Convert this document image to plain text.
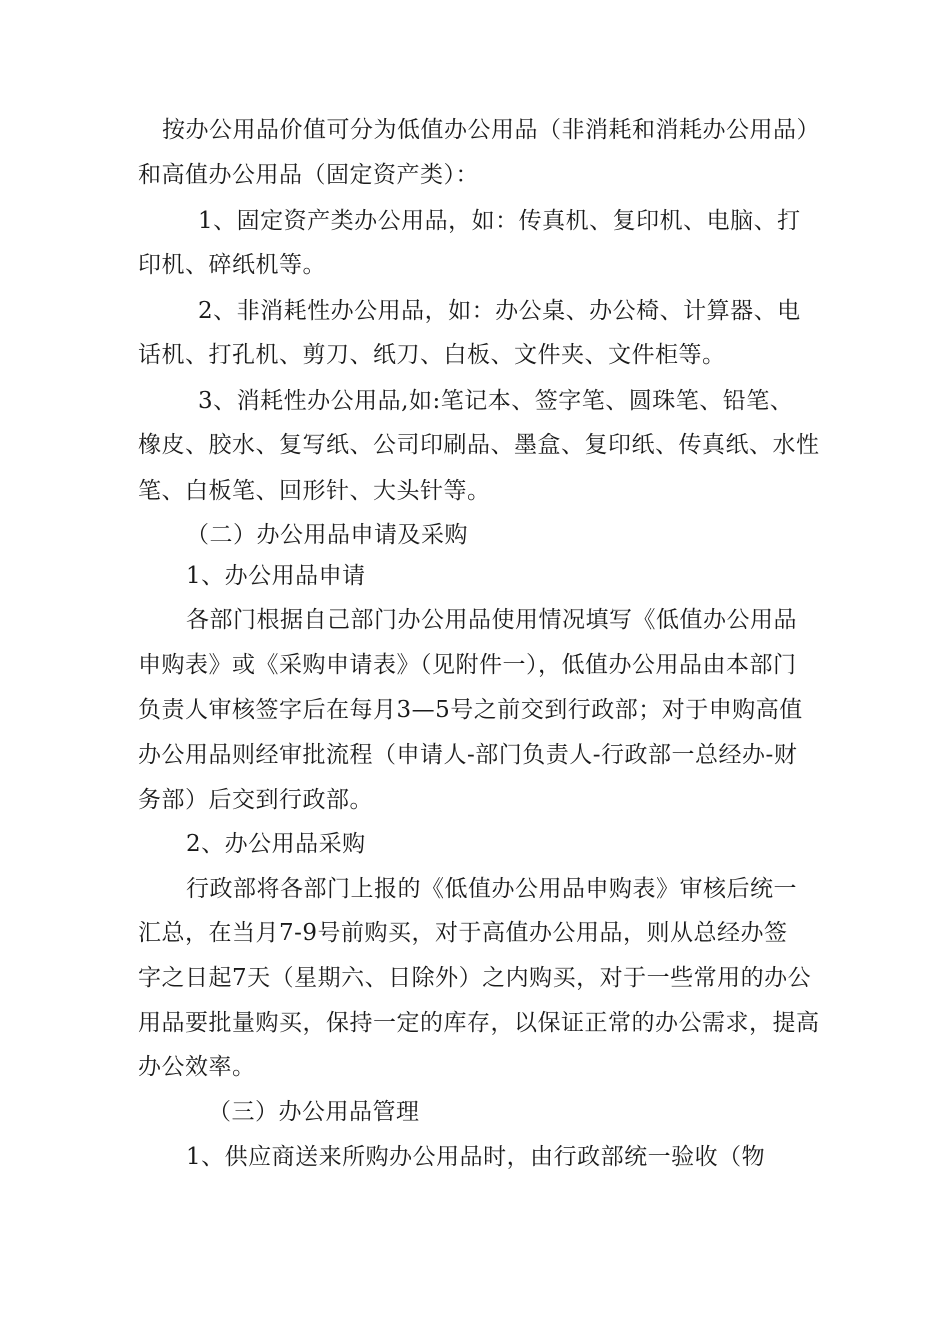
按办公用品价值可分为低值办公用品（非消耗和消耗办公用品）
和高值办公用品（固定资产类）：
1、固定资产类办公用品，如：传真机、复印机、电脑、打
印机、碎纸机等。
2、非消耗性办公用品，如：办公桌、办公椅、计算器、电
话机、打孔机、剪刀、纸刀、白板、文件夹、文件柜等。
3、消耗性办公用品,如:笔记本、签字笔、圆珠笔、铅笔、
橡皮、胶水、复写纸、公司印刷品、墨盒、复印纸、传真纸、水性
笔、白板笔、回形针、大头针等。
（二）办公用品申请及采购
1、办公用品申请
各部门根据自己部门办公用品使用情况填写《低值办公用品
申购表》或《采购申请表》（见附件一），低值办公用品由本部门
负责人审核签字后在每月3—5号之前交到行政部；对于申购高值
办公用品则经审批流程（申请人-部门负责人-行政部一总经办-财
务部）后交到行政部。
2、办公用品采购
行政部将各部门上报的《低值办公用品申购表》审核后统一
汇总，在当月7-9号前购买，对于高值办公用品，则从总经办签
字之日起7天（星期六、日除外）之内购买，对于一些常用的办公
用品要批量购买，保持一定的库存，以保证正常的办公需求，提高
办公效率。
（三）办公用品管理
1、供应商送来所购办公用品时，由行政部统一验收（物
